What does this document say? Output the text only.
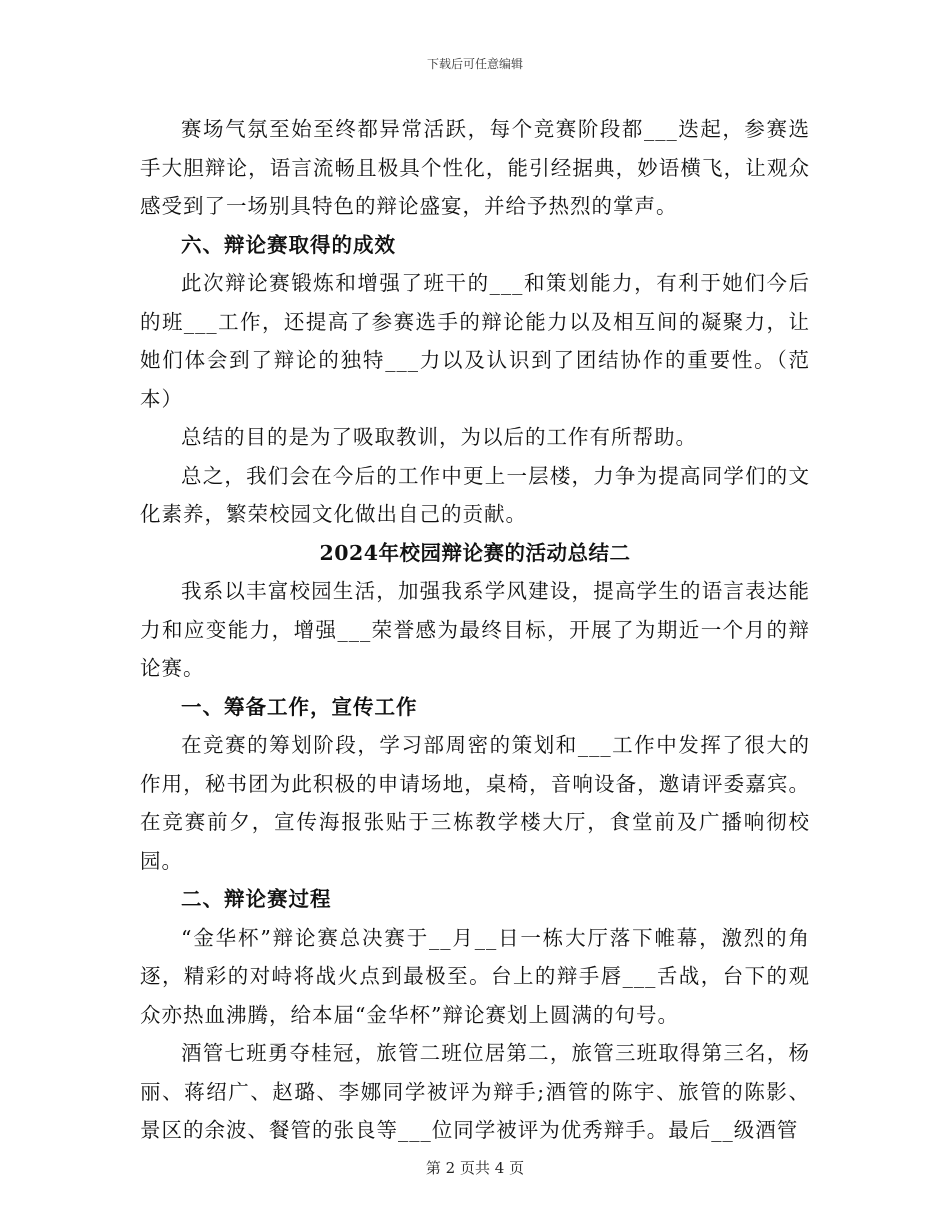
下载后可任意编辑

赛场气氛至始至终都异常活跃，每个竞赛阶段都___迭起，参赛选手大胆辩论，语言流畅且极具个性化，能引经据典，妙语横飞，让观众感受到了一场别具特色的辩论盛宴，并给予热烈的掌声。

六、辩论赛取得的成效

此次辩论赛锻炼和增强了班干的___和策划能力，有利于她们今后的班___工作，还提高了参赛选手的辩论能力以及相互间的凝聚力，让她们体会到了辩论的独特___力以及认识到了团结协作的重要性。（范本）

总结的目的是为了吸取教训，为以后的工作有所帮助。

总之，我们会在今后的工作中更上一层楼，力争为提高同学们的文化素养，繁荣校园文化做出自己的贡献。

2024年校园辩论赛的活动总结二

我系以丰富校园生活，加强我系学风建设，提高学生的语言表达能力和应变能力，增强___荣誉感为最终目标，开展了为期近一个月的辩论赛。

一、筹备工作，宣传工作

在竞赛的筹划阶段，学习部周密的策划和___工作中发挥了很大的作用，秘书团为此积极的申请场地，桌椅，音响设备，邀请评委嘉宾。在竞赛前夕，宣传海报张贴于三栋教学楼大厅，食堂前及广播响彻校园。

二、辩论赛过程

“金华杯”辩论赛总决赛于__月__日一栋大厅落下帷幕，激烈的角逐，精彩的对峙将战火点到最极至。台上的辩手唇___舌战，台下的观众亦热血沸腾，给本届“金华杯”辩论赛划上圆满的句号。

酒管七班勇夺桂冠，旅管二班位居第二，旅管三班取得第三名，杨丽、蒋绍广、赵璐、李娜同学被评为辩手;酒管的陈宇、旅管的陈影、景区的余波、餐管的张良等___位同学被评为优秀辩手。最后__级酒管

第 2 页共 4 页
